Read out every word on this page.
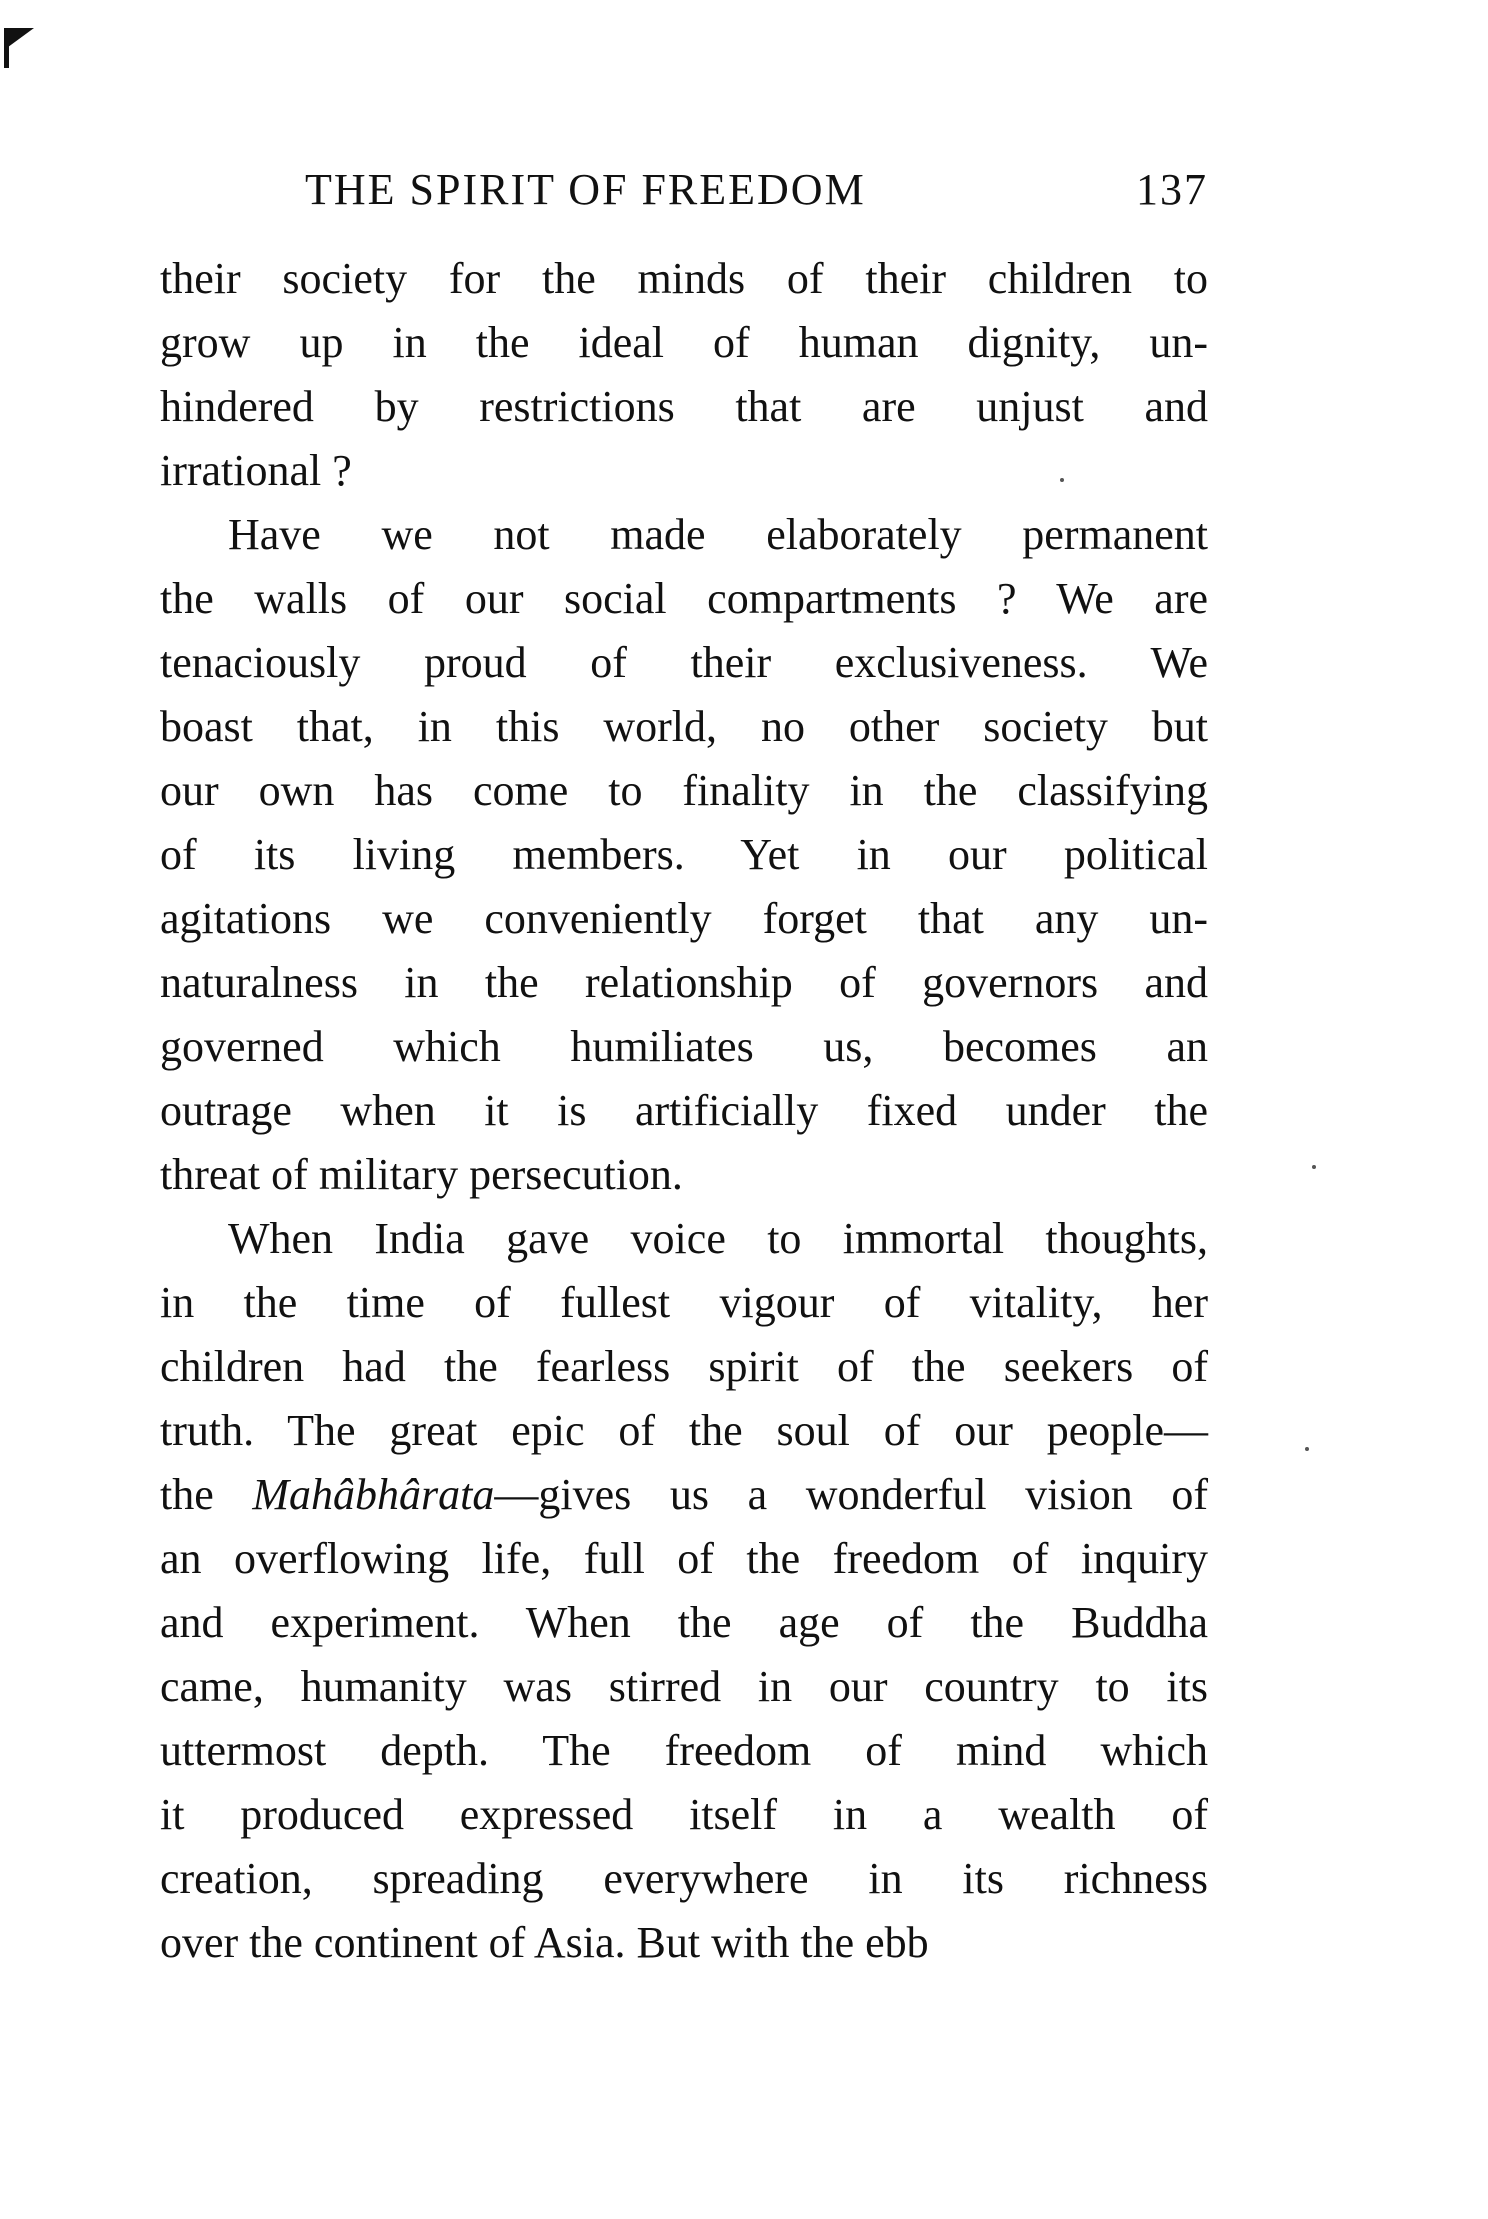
THE SPIRIT OF FREEDOM	137
their society for the minds of their children to
grow up in the ideal of human dignity, un-
hindered by restrictions that are unjust and
irrational ?
Have we not made elaborately permanent
the walls of our social compartments ? We are
tenaciously proud of their exclusiveness. We
boast that, in this world, no other society but
our own has come to finality in the classifying
of its living members. Yet in our political
agitations we conveniently forget that any un-
naturalness in the relationship of governors and
governed which humiliates us, becomes an
outrage when it is artificially fixed under the
threat of military persecution.
When India gave voice to immortal thoughts,
in the time of fullest vigour of vitality, her
children had the fearless spirit of the seekers of
truth. The great epic of the soul of our people—
the Mahâbhârata—gives us a wonderful vision of
an overflowing life, full of the freedom of inquiry
and experiment. When the age of the Buddha
came, humanity was stirred in our country to its
uttermost depth. The freedom of mind which
it produced expressed itself in a wealth of
creation, spreading everywhere in its richness
over the continent of Asia. But with the ebb
